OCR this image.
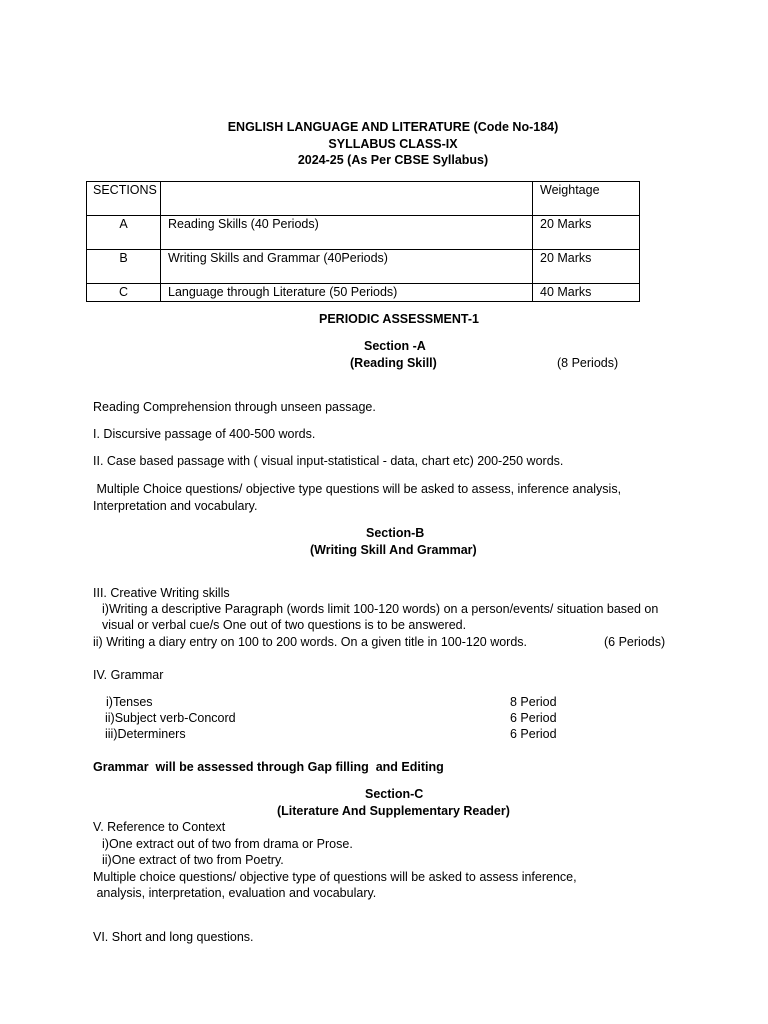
ENGLISH LANGUAGE AND LITERATURE (Code No-184)
SYLLABUS CLASS-IX
2024-25 (As Per CBSE Syllabus)
SECTIONS		Weightage
A	Reading Skills (40 Periods)	20 Marks
B	Writing Skills and Grammar (40Periods)	20 Marks
C	Language through Literature (50 Periods)	40 Marks
PERIODIC ASSESSMENT-1
Section -A
(Reading Skill)	(8 Periods)
Reading Comprehension through unseen passage.
I. Discursive passage of 400-500 words.
II. Case based passage with ( visual input-statistical - data, chart etc) 200-250 words.
Multiple Choice questions/ objective type questions will be asked to assess, inference analysis,
Interpretation and vocabulary.
Section-B
(Writing Skill And Grammar)
III. Creative Writing skills
i)Writing a descriptive Paragraph (words limit 100-120 words) on a person/events/ situation based on
visual or verbal cue/s One out of two questions is to be answered.
ii) Writing a diary entry on 100 to 200 words. On a given title in 100-120 words.	(6 Periods)
IV. Grammar
i)Tenses	8 Period
ii)Subject verb-Concord	6 Period
iii)Determiners	6 Period
Grammar  will be assessed through Gap filling  and Editing
Section-C
(Literature And Supplementary Reader)
V. Reference to Context
i)One extract out of two from drama or Prose.
ii)One extract of two from Poetry.
Multiple choice questions/ objective type of questions will be asked to assess inference,
analysis, interpretation, evaluation and vocabulary.
VI. Short and long questions.
